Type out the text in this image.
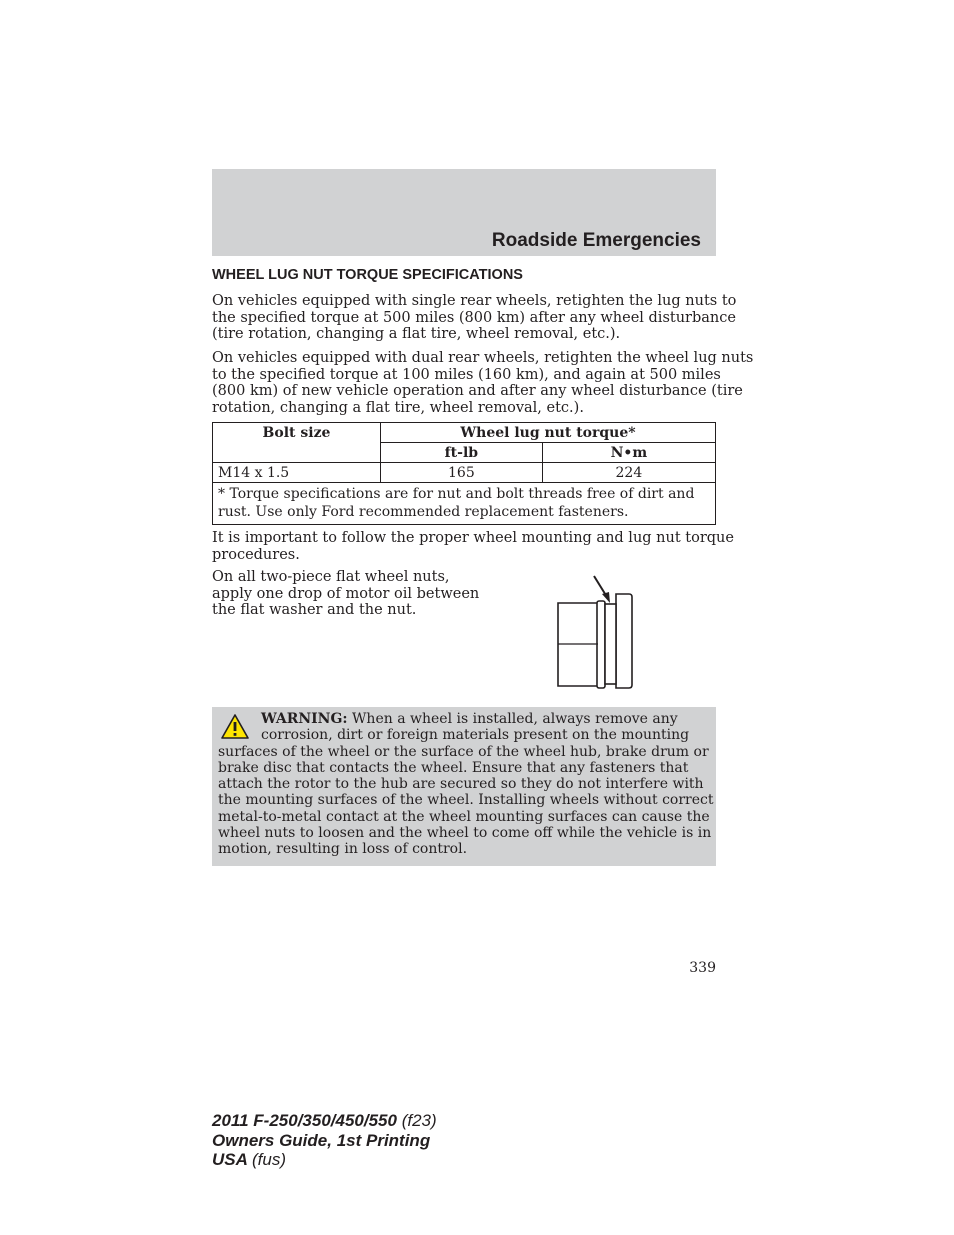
Roadside Emergencies
WHEEL LUG NUT TORQUE SPECIFICATIONS

On vehicles equipped with single rear wheels, retighten the lug nuts to
the specified torque at 500 miles (800 km) after any wheel disturbance
(tire rotation, changing a flat tire, wheel removal, etc.).

On vehicles equipped with dual rear wheels, retighten the wheel lug nuts
to the specified torque at 100 miles (160 km), and again at 500 miles
(800 km) of new vehicle operation and after any wheel disturbance (tire
rotation, changing a flat tire, wheel removal, etc.).

Bolt size	Wheel lug nut torque*	
	ft-lb	N•m
M14 x 1.5	165	224

* Torque specifications are for nut and bolt threads free of dirt and
rust. Use only Ford recommended replacement fasteners.		

It is important to follow the proper wheel mounting and lug nut torque
procedures.

On all two-piece flat wheel nuts,
apply one drop of motor oil between
the flat washer and the nut.

WARNING: When a wheel is installed, always remove any
corrosion, dirt or foreign materials present on the mounting
surfaces of the wheel or the surface of the wheel hub, brake drum or
brake disc that contacts the wheel. Ensure that any fasteners that
attach the rotor to the hub are secured so they do not interfere with
the mounting surfaces of the wheel. Installing wheels without correct
metal-to-metal contact at the wheel mounting surfaces can cause the
wheel nuts to loosen and the wheel to come off while the vehicle is in
motion, resulting in loss of control.
339
2011 F-250/350/450/550 (f23)
Owners Guide, 1st Printing
USA (fus)
